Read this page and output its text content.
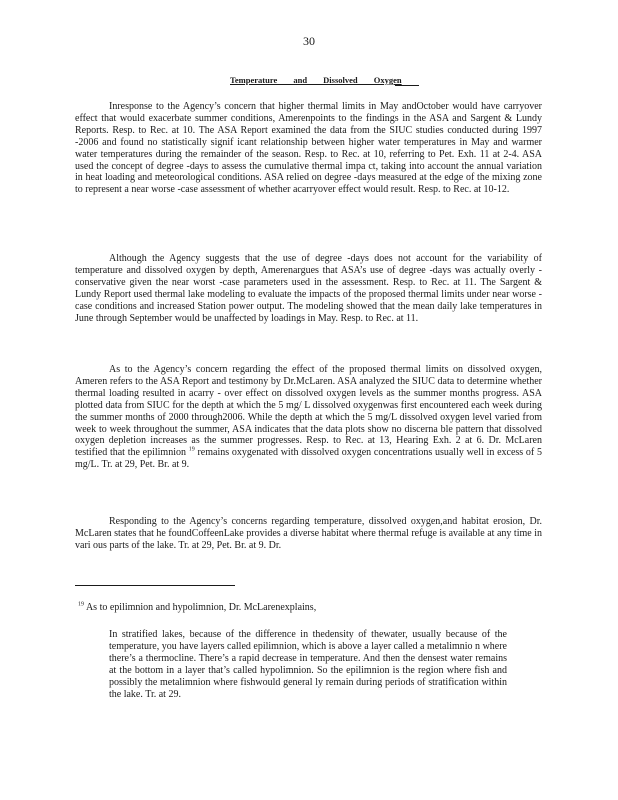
30
Temperature and Dissolved Oxygen

Inresponse to the Agency’s concern that higher thermal limits in May andOctober would have carryover effect that would exacerbate summer conditions, Amerenpoints to the findings in the ASA and Sargent & Lundy Reports. Resp. to Rec. at 10. The ASA Report examined the data from the SIUC studies conducted during 1997 -2006 and found no statistically signif icant relationship between higher water temperatures in May and warmer water temperatures during the remainder of the season. Resp. to Rec. at 10, referring to Pet. Exh. 11 at 2-4. ASA used the concept of degree -days to assess the cumulative thermal impa ct, taking into account the annual variation in heat loading and meteorological conditions. ASA relied on degree -days measured at the edge of the mixing zone to represent a near worse -case assessment of whether acarryover effect would result. Resp. to Rec. at 10-12.

Although the Agency suggests that the use of degree -days does not account for the variability of temperature and dissolved oxygen by depth, Amerenargues that ASA’s use of degree -days was actually overly -conservative given the near worst -case parameters used in the assessment. Resp. to Rec. at 11. The Sargent & Lundy Report used thermal lake modeling to evaluate the impacts of the proposed thermal limits under near worse -case conditions and increased Station power output. The modeling showed that the mean daily lake temperatures in June through September would be unaffected by loadings in May. Resp. to Rec. at 11.

As to the Agency’s concern regarding the effect of the proposed thermal limits on dissolved oxygen, Ameren refers to the ASA Report and testimony by Dr.McLaren. ASA analyzed the SIUC data to determine whether thermal loading resulted in acarry - over effect on dissolved oxygen levels as the summer months progress. ASA plotted data from SIUC for the depth at which the 5 mg/ L dissolved oxygenwas first encountered each week during the summer months of 2000 through2006. While the depth at which the 5 mg/L dissolved oxygen level varied from week to week throughout the summer, ASA indicates that the data plots show no discerna ble pattern that dissolved oxygen depletion increases as the summer progresses. Resp. to Rec. at 13, Hearing Exh. 2 at 6. Dr. McLaren testified that the epilimnion $^{19}$ remains oxygenated with dissolved oxygen concentrations usually well in excess of 5 mg/L. Tr. at 29, Pet. Br. at 9.

Responding to the Agency’s concerns regarding temperature, dissolved oxygen,and habitat erosion, Dr. McLaren states that he foundCoffeenLake provides a diverse habitat where thermal refuge is available at any time in vari ous parts of the lake. Tr. at 29, Pet. Br. at 9. Dr.

$^{19}$ As to epilimnion and hypolimnion, Dr. McLarenexplains,

In stratified lakes, because of the difference in thedensity of thewater, usually because of the temperature, you have layers called epilimnion, which is above a layer called a metalimnio n where there’s a thermocline. There’s a rapid decrease in temperature. And then the densest water remains at the bottom in a layer that’s called hypolimnion. So the epilimnion is the region where fish and possibly the metalimnion where fishwould general ly remain during periods of stratification within the lake. Tr. at 29.
